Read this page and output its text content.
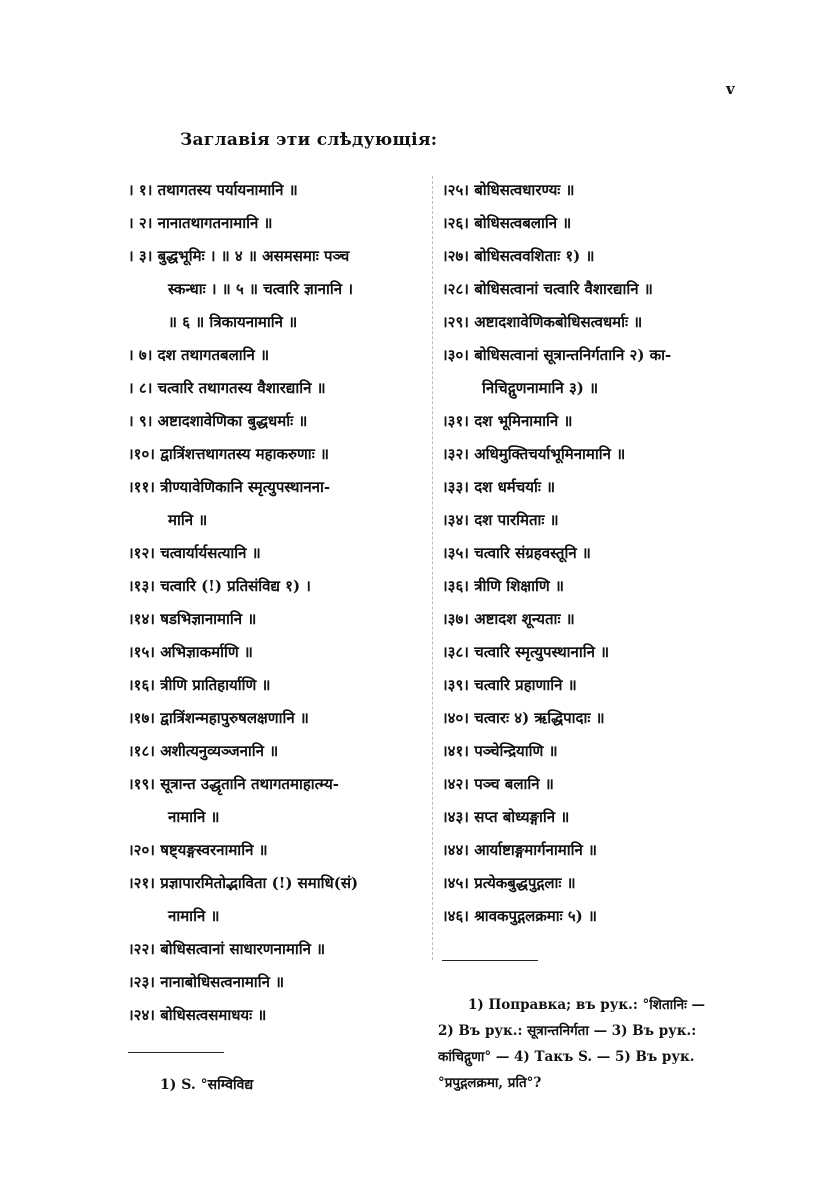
v
Заглавія эти слѣдующія:
। १। तथागतस्य पर्यायनामानि ॥
। २। नानातथागतनामानि ॥
। ३। बुद्धभूमिः । ॥ ४ ॥ असमसमाः पञ्च
स्कन्धाः । ॥ ५ ॥ चत्वारि ज्ञानानि ।
॥ ६ ॥ त्रिकायनामानि ॥
। ७। दश तथागतबलानि ॥
। ८। चत्वारि तथागतस्य वैशारद्यानि ॥
। ९। अष्टादशावेणिका बुद्धधर्माः ॥
।१०। द्वात्रिंशत्तथागतस्य महाकरुणाः ॥
।११। त्रीण्यावेणिकानि स्मृत्युपस्थानना-
मानि ॥
।१२। चत्वार्यार्यसत्यानि ॥
।१३। चत्वारि (!) प्रतिसंविद्य १) ।
।१४। षडभिज्ञानामानि ॥
।१५। अभिज्ञाकर्माणि ॥
।१६। त्रीणि प्रातिहार्याणि ॥
।१७। द्वात्रिंशन्महापुरुषलक्षणानि ॥
।१८। अशीत्यनुव्यञ्जनानि ॥
।१९। सूत्रान्त उद्धृतानि तथागतमाहात्म्य-
नामानि ॥
।२०। षष्ट्यङ्गस्वरनामानि ॥
।२१। प्रज्ञापारमितोद्भाविता (!) समाधि(सं)
नामानि ॥
।२२। बोधिसत्वानां साधारणनामानि ॥
।२३। नानाबोधिसत्वनामानि ॥
।२४। बोधिसत्वसमाधयः ॥
।२५। बोधिसत्वधारण्यः ॥
।२६। बोधिसत्वबलानि ॥
।२७। बोधिसत्ववशिताः १) ॥
।२८। बोधिसत्वानां चत्वारि वैशारद्यानि ॥
।२९। अष्टादशावेणिकबोधिसत्वधर्माः ॥
।३०। बोधिसत्वानां सूत्रान्तनिर्गतानि २) का-
निचिद्गुणनामानि ३) ॥
।३१। दश भूमिनामानि ॥
।३२। अधिमुक्तिचर्याभूमिनामानि ॥
।३३। दश धर्मचर्याः ॥
।३४। दश पारमिताः ॥
।३५। चत्वारि संग्रहवस्तूनि ॥
।३६। त्रीणि शिक्षाणि ॥
।३७। अष्टादश शून्यताः ॥
।३८। चत्वारि स्मृत्युपस्थानानि ॥
।३९। चत्वारि प्रहाणानि ॥
।४०। चत्वारः ४) ऋद्धिपादाः ॥
।४१। पञ्चेन्द्रियाणि ॥
।४२। पञ्च बलानि ॥
।४३। सप्त बोध्यङ्गानि ॥
।४४। आर्याष्टाङ्गमार्गनामानि ॥
।४५। प्रत्येकबुद्धपुद्गलाः ॥
।४६। श्रावकपुद्गलक्रमाः ५) ॥
1) S. °सम्विविद्य
1) Поправка; въ рук.: °शितानिः —
2) Въ рук.: सूत्रान्तनिर्गता — 3) Въ рук.:
कांचिद्गुणा° — 4) Такъ S. — 5) Въ рук.
°प्रपुद्गलक्रमा, प्रति°?
